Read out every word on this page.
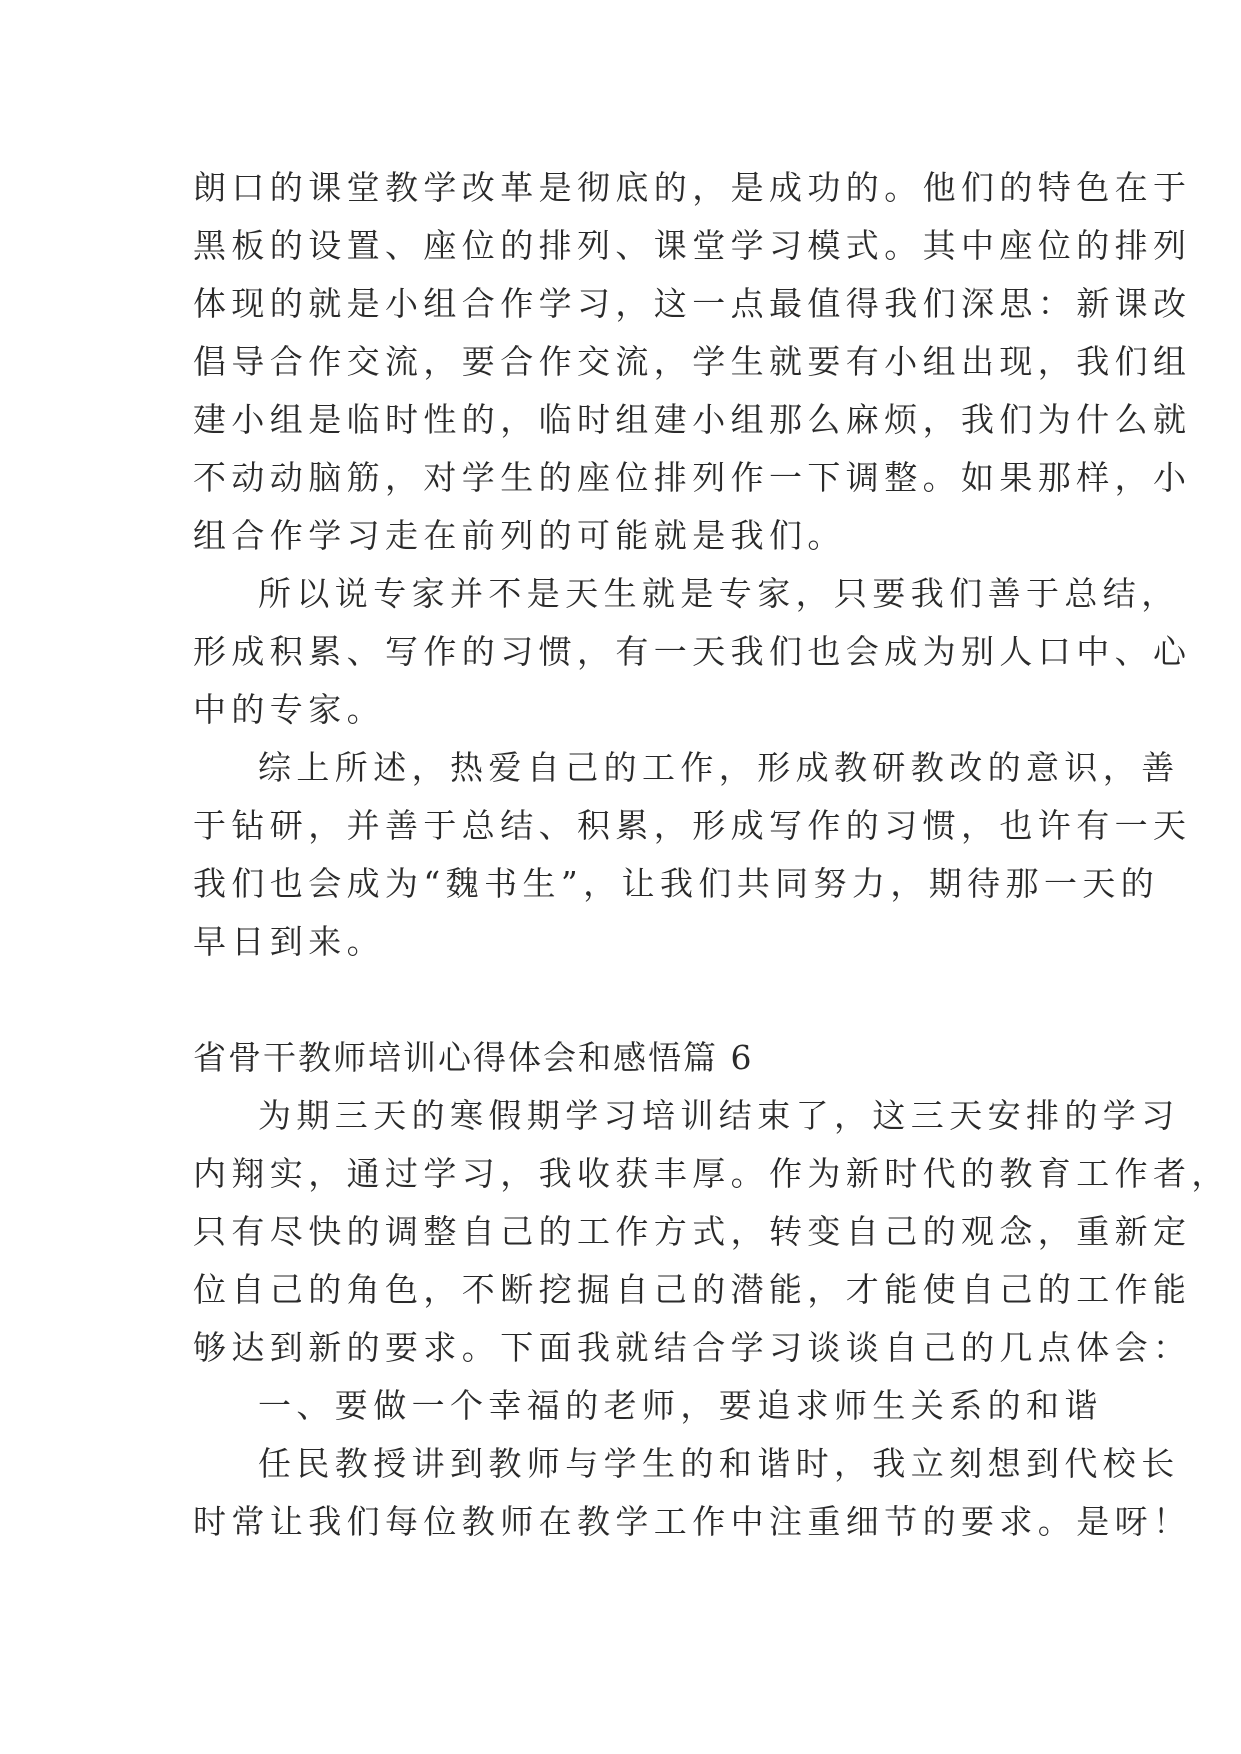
朗口的课堂教学改革是彻底的，是成功的。他们的特色在于
黑板的设置、座位的排列、课堂学习模式。其中座位的排列
体现的就是小组合作学习，这一点最值得我们深思：新课改
倡导合作交流，要合作交流，学生就要有小组出现，我们组
建小组是临时性的，临时组建小组那么麻烦，我们为什么就
不动动脑筋，对学生的座位排列作一下调整。如果那样，小
组合作学习走在前列的可能就是我们。
所以说专家并不是天生就是专家，只要我们善于总结，
形成积累、写作的习惯，有一天我们也会成为别人口中、心
中的专家。
综上所述，热爱自己的工作，形成教研教改的意识，善
于钻研，并善于总结、积累，形成写作的习惯，也许有一天
我们也会成为“魏书生”，让我们共同努力，期待那一天的
早日到来。
省骨干教师培训心得体会和感悟篇 6
为期三天的寒假期学习培训结束了，这三天安排的学习
内翔实，通过学习，我收获丰厚。作为新时代的教育工作者，
只有尽快的调整自己的工作方式，转变自己的观念，重新定
位自己的角色，不断挖掘自己的潜能，才能使自己的工作能
够达到新的要求。下面我就结合学习谈谈自己的几点体会：
一、要做一个幸福的老师，要追求师生关系的和谐
任民教授讲到教师与学生的和谐时，我立刻想到代校长
时常让我们每位教师在教学工作中注重细节的要求。是呀！
